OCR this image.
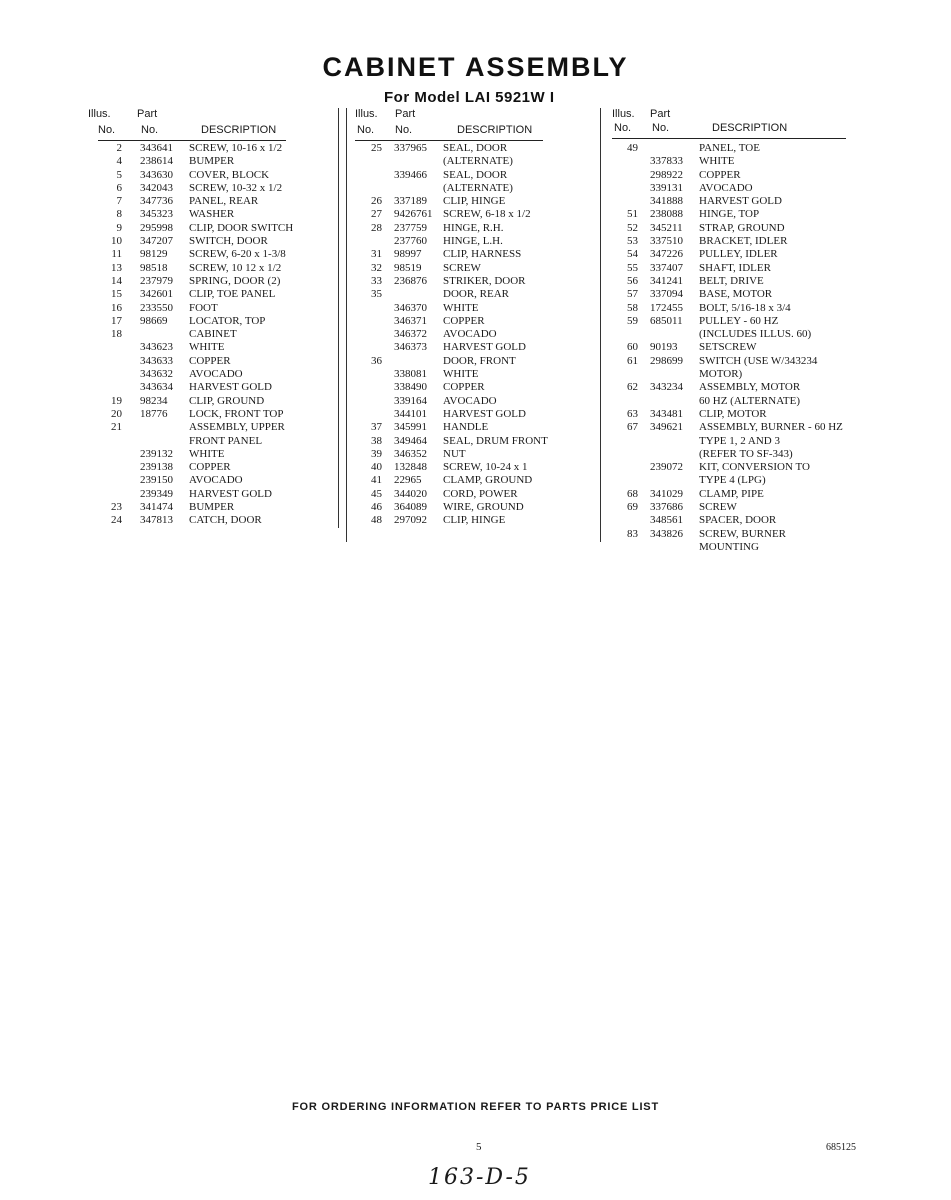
CABINET ASSEMBLY
For Model LAI 5921W I
Illus.
No.
Part
No.	DESCRIPTION
2 343641 SCREW, 10-16 x 1/2
4 238614 BUMPER
5 343630 COVER, BLOCK
6 342043 SCREW, 10-32 x 1/2
7 347736 PANEL, REAR
8 345323 WASHER
9 295998 CLIP, DOOR SWITCH
10 347207 SWITCH, DOOR
11 98129 SCREW, 6-20 x 1-3/8
13 98518 SCREW, 10 12 x 1/2
14 237979 SPRING, DOOR (2)
15 342601 CLIP, TOE PANEL
16 233550 FOOT
17 98669 LOCATOR, TOP
18	CABINET
343623 WHITE
343633 COPPER
343632 AVOCADO
343634 HARVEST GOLD
19 98234 CLIP, GROUND
20 18776 LOCK, FRONT TOP
21	ASSEMBLY, UPPER
FRONT PANEL
239132 WHITE
239138 COPPER
239150 AVOCADO
239349 HARVEST GOLD
23 341474 BUMPER
24 347813 CATCH, DOOR
Illus.
No.
Part
No.	DESCRIPTION
25 337965 SEAL, DOOR
(ALTERNATE)
339466 SEAL, DOOR
(ALTERNATE)
26 337189 CLIP, HINGE
27 9426761 SCREW, 6-18 x 1/2
28 237759 HINGE, R.H.
237760 HINGE, L.H.
31 98997 CLIP, HARNESS
32 98519 SCREW
33 236876 STRIKER, DOOR
35	DOOR, REAR
346370 WHITE
346371 COPPER
346372 AVOCADO
346373 HARVEST GOLD
36	DOOR, FRONT
338081 WHITE
338490 COPPER
339164 AVOCADO
344101 HARVEST GOLD
37 345991 HANDLE
38 349464 SEAL, DRUM FRONT
39 346352 NUT
40 132848 SCREW, 10-24 x 1
41 22965 CLAMP, GROUND
45 344020 CORD, POWER
46 364089 WIRE, GROUND
48 297092 CLIP, HINGE
Illus.
No.
Part
No.	DESCRIPTION
49	PANEL, TOE
337833 WHITE
298922 COPPER
339131 AVOCADO
341888 HARVEST GOLD
51 238088 HINGE, TOP
52 345211 STRAP, GROUND
53 337510 BRACKET, IDLER
54 347226 PULLEY, IDLER
55 337407 SHAFT, IDLER
56 341241 BELT, DRIVE
57 337094 BASE, MOTOR
58 172455 BOLT, 5/16-18 x 3/4
59 685011 PULLEY - 60 HZ
(INCLUDES ILLUS. 60)
60 90193 SETSCREW
61 298699 SWITCH (USE W/343234
MOTOR)
62 343234 ASSEMBLY, MOTOR
60 HZ (ALTERNATE)
63 343481 CLIP, MOTOR
67 349621 ASSEMBLY, BURNER - 60 HZ
TYPE 1, 2 AND 3
(REFER TO SF-343)
239072 KIT, CONVERSION TO
TYPE 4 (LPG)
68 341029 CLAMP, PIPE
69 337686 SCREW
348561 SPACER, DOOR
83 343826 SCREW, BURNER
MOUNTING
FOR ORDERING INFORMATION REFER TO PARTS PRICE LIST
5	685125
163-D-5
